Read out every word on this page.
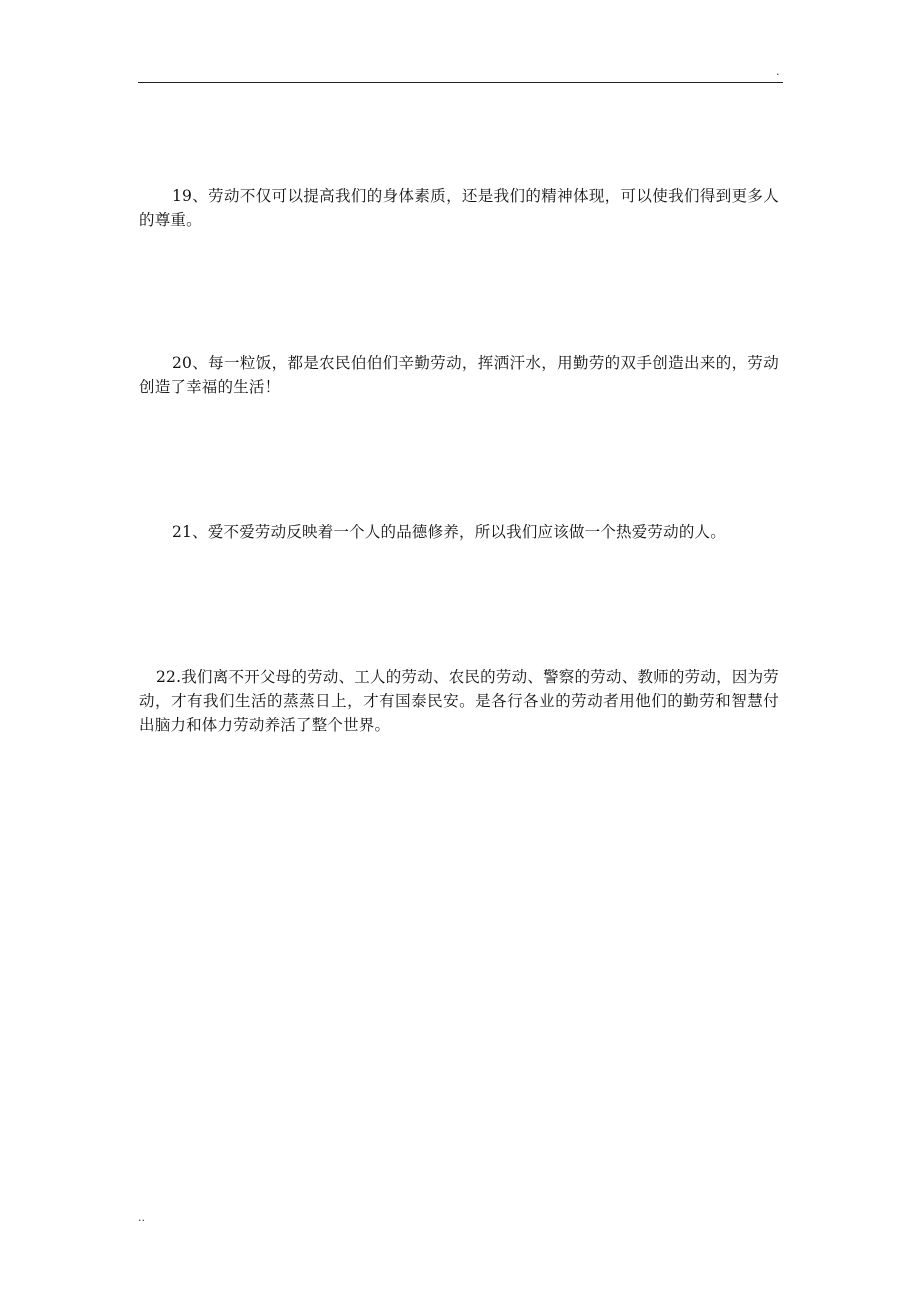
.

19、劳动不仅可以提高我们的身体素质，还是我们的精神体现，可以使我们得到更多人的尊重。

20、每一粒饭，都是农民伯伯们辛勤劳动，挥洒汗水，用勤劳的双手创造出来的，劳动创造了幸福的生活！

21、爱不爱劳动反映着一个人的品德修养，所以我们应该做一个热爱劳动的人。

22.我们离不开父母的劳动、工人的劳动、农民的劳动、警察的劳动、教师的劳动，因为劳动，才有我们生活的蒸蒸日上，才有国泰民安。是各行各业的劳动者用他们的勤劳和智慧付出脑力和体力劳动养活了整个世界。

..
